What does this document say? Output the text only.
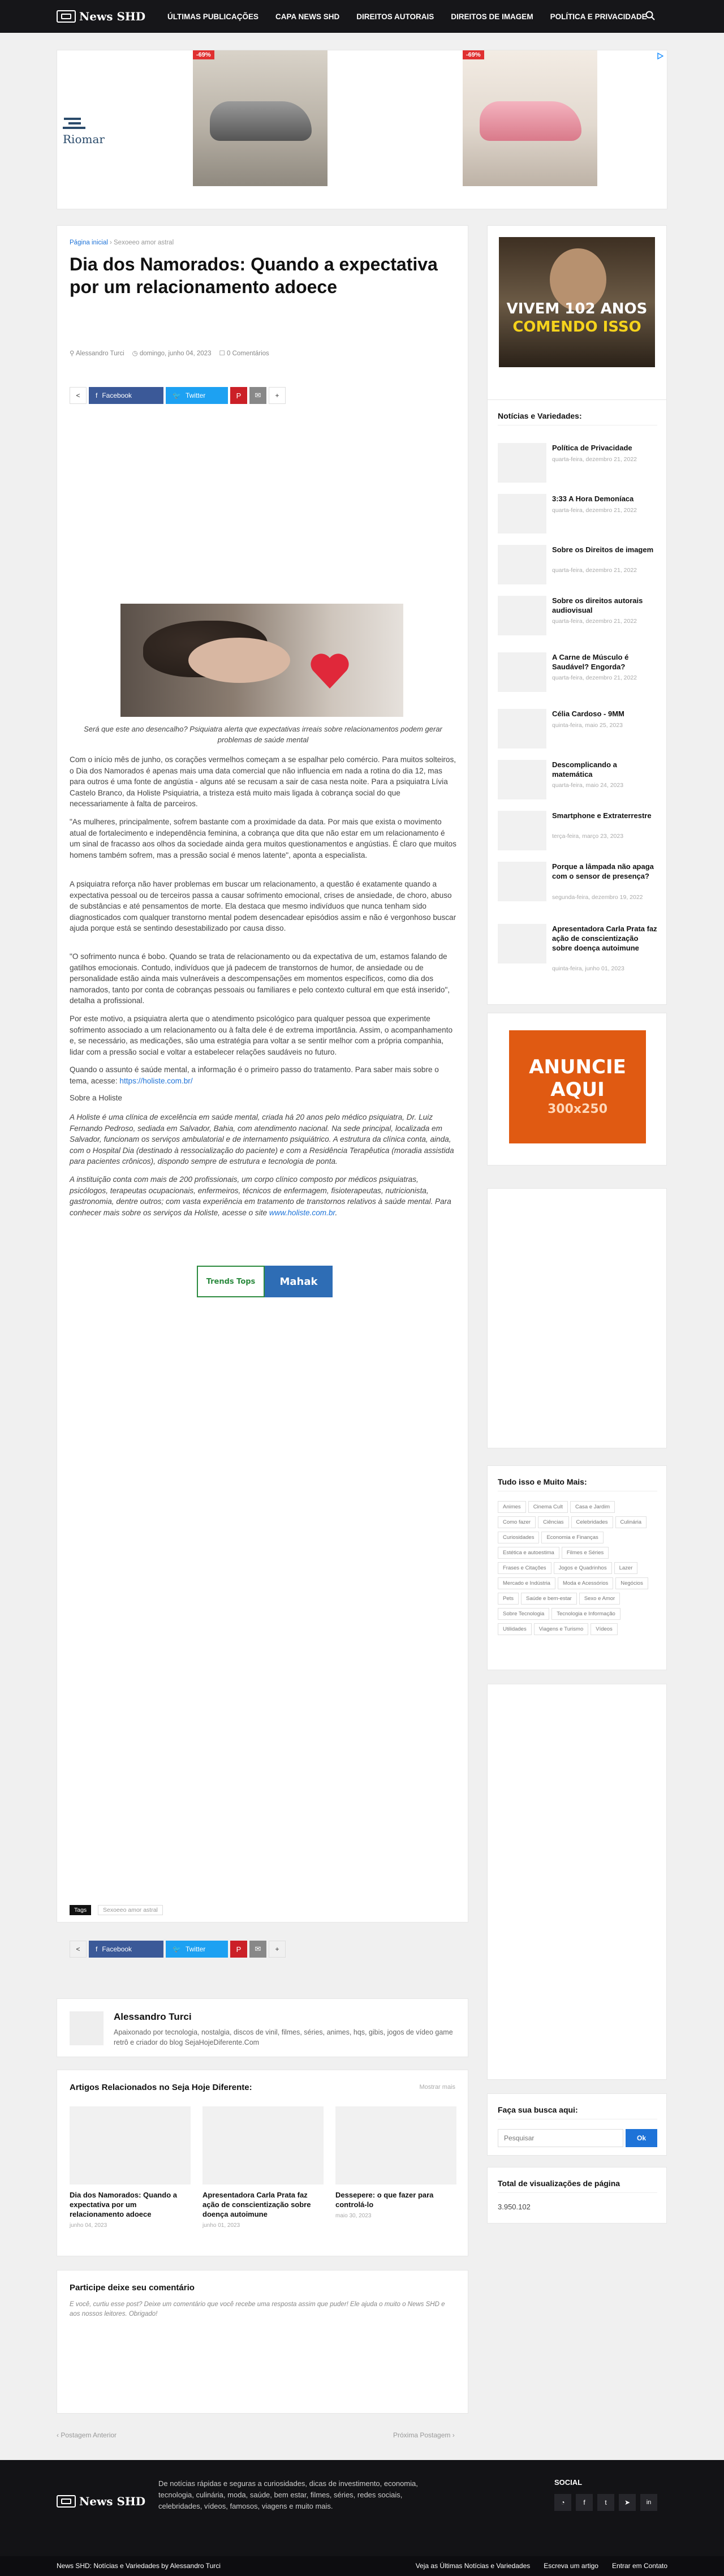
News SHD	ÚLTIMAS PUBLICAÇÕES CAPA NEWS SHD DIREITOS AUTORAIS DIREITOS DE IMAGEM POLÍTICA E PRIVACIDADE
Riomar
-69%	-69%
Página inicial › Sexoeeo amor astral
Dia dos Namorados: Quando a expectativa por um relacionamento adoece
⚲ Alessandro Turci ◷ domingo, junho 04, 2023 ☐ 0 Comentários
<	f Facebook	🐦 Twitter	P ✉	+
Será que este ano desencalho? Psiquiatra alerta que expectativas irreais sobre relacionamentos podem gerar problemas de saúde mental

Com o início mês de junho, os corações vermelhos começam a se espalhar pelo comércio. Para muitos solteiros, o Dia dos Namorados é apenas mais uma data comercial que não influencia em nada a rotina do dia 12, mas para outros é uma fonte de angústia - alguns até se recusam a sair de casa nesta noite. Para a psiquiatra Lívia Castelo Branco, da Holiste Psiquiatria, a tristeza está muito mais ligada à cobrança social do que necessariamente à falta de parceiros.

"As mulheres, principalmente, sofrem bastante com a proximidade da data. Por mais que exista o movimento atual de fortalecimento e independência feminina, a cobrança que dita que não estar em um relacionamento é um sinal de fracasso aos olhos da sociedade ainda gera muitos questionamentos e angústias. É claro que muitos homens também sofrem, mas a pressão social é menos latente", aponta a especialista.

A psiquiatra reforça não haver problemas em buscar um relacionamento, a questão é exatamente quando a expectativa pessoal ou de terceiros passa a causar sofrimento emocional, crises de ansiedade, de choro, abuso de substâncias e até pensamentos de morte. Ela destaca que mesmo indivíduos que nunca tenham sido diagnosticados com qualquer transtorno mental podem desencadear episódios assim e não é vergonhoso buscar ajuda porque está se sentindo desestabilizado por causa disso.

"O sofrimento nunca é bobo. Quando se trata de relacionamento ou da expectativa de um, estamos falando de gatilhos emocionais. Contudo, indivíduos que já padecem de transtornos de humor, de ansiedade ou de personalidade estão ainda mais vulneráveis a descompensações em momentos específicos, como dia dos namorados, tanto por conta de cobranças pessoais ou familiares e pelo contexto cultural em que está inserido", detalha a profissional.

Por este motivo, a psiquiatra alerta que o atendimento psicológico para qualquer pessoa que experimente sofrimento associado a um relacionamento ou à falta dele é de extrema importância. Assim, o acompanhamento e, se necessário, as medicações, são uma estratégia para voltar a se sentir melhor com a própria companhia, lidar com a pressão social e voltar a estabelecer relações saudáveis no futuro.

Quando o assunto é saúde mental, a informação é o primeiro passo do tratamento. Para saber mais sobre o tema, acesse: https://holiste.com.br/

Sobre a Holiste

A Holiste é uma clínica de excelência em saúde mental, criada há 20 anos pelo médico psiquiatra, Dr. Luiz Fernando Pedroso, sediada em Salvador, Bahia, com atendimento nacional. Na sede principal, localizada em Salvador, funcionam os serviços ambulatorial e de internamento psiquiátrico. A estrutura da clínica conta, ainda, com o Hospital Dia (destinado à ressocialização do paciente) e com a Residência Terapêutica (moradia assistida para pacientes crônicos), dispondo sempre de estrutura e tecnologia de ponta.

A instituição conta com mais de 200 profissionais, um corpo clínico composto por médicos psiquiatras, psicólogos, terapeutas ocupacionais, enfermeiros, técnicos de enfermagem, fisioterapeutas, nutricionista, gastronomia, dentre outros; com vasta experiência em tratamento de transtornos relativos à saúde mental. Para conhecer mais sobre os serviços da Holiste, acesse o site www.holiste.com.br.

Trends Tops	Mahak
Tags	Sexoeeo amor astral
<	f Facebook	🐦 Twitter	P ✉	+
Alessandro Turci
Apaixonado por tecnologia, nostalgia, discos de vinil, filmes, séries, animes, hqs, gibis, jogos de vídeo game retrô e criador do blog SejaHojeDiferente.Com
Artigos Relacionados no Seja Hoje Diferente:	Mostrar mais
Dia dos Namorados: Quando a expectativa por um relacionamento adoece
junho 04, 2023
Apresentadora Carla Prata faz ação de conscientização sobre doença autoimune
junho 01, 2023
Dessepere: o que fazer para controlá-lo
maio 30, 2023
Participe deixe seu comentário
E você, curtiu esse post? Deixe um comentário que você recebe uma resposta assim que puder! Ele ajuda o muito o News SHD e aos nossos leitores. Obrigado!
‹ Postagem Anterior	Próxima Postagem ›
VIVEM 102 ANOS
COMENDO ISSO
Notícias e Variedades:
Política de Privacidade
quarta-feira, dezembro 21, 2022
3:33 A Hora Demoníaca
quarta-feira, dezembro 21, 2022
Sobre os Direitos de imagem
quarta-feira, dezembro 21, 2022
Sobre os direitos autorais audiovisual
quarta-feira, dezembro 21, 2022
A Carne de Músculo é Saudável? Engorda?
quarta-feira, dezembro 21, 2022
Célia Cardoso - 9MM
quinta-feira, maio 25, 2023
Descomplicando a matemática
quarta-feira, maio 24, 2023
Smartphone e Extraterrestre
terça-feira, março 23, 2023
Porque a lâmpada não apaga com o sensor de presença?
segunda-feira, dezembro 19, 2022
Apresentadora Carla Prata faz ação de conscientização sobre doença autoimune
quinta-feira, junho 01, 2023
ANUNCIE
AQUI
300x250
Tudo isso e Muito Mais:
Animes Cinema Cult Casa e JardimComo fazer Ciências Celebridades CulináriaCuriosidades Economia e FinançasEstética e autoestima Filmes e SériesFrases e Citações Jogos e Quadrinhos LazerMercado e Indústria Moda e Acessórios NegóciosPets Saúde e bem-estar Sexo e AmorSobre Tecnologia Tecnologia e InformaçãoUtilidades Viagens e Turismo Vídeos
Faça sua busca aqui:
Pesquisar
Ok
Total de visualizações de página
3.950.102
News SHD
De notícias rápidas e seguras a curiosidades, dicas de investimento, economia, tecnologia, culinária, moda, saúde, bem estar, filmes, séries, redes sociais, celebridades, vídeos, famosos, viagens e muito mais.
SOCIAL
◔	f	t	➤	in
News SHD: Notícias e Variedades by Alessandro Turci	Veja as Últimas Notícias e Variedades Escreva um artigo Entrar em Contato
